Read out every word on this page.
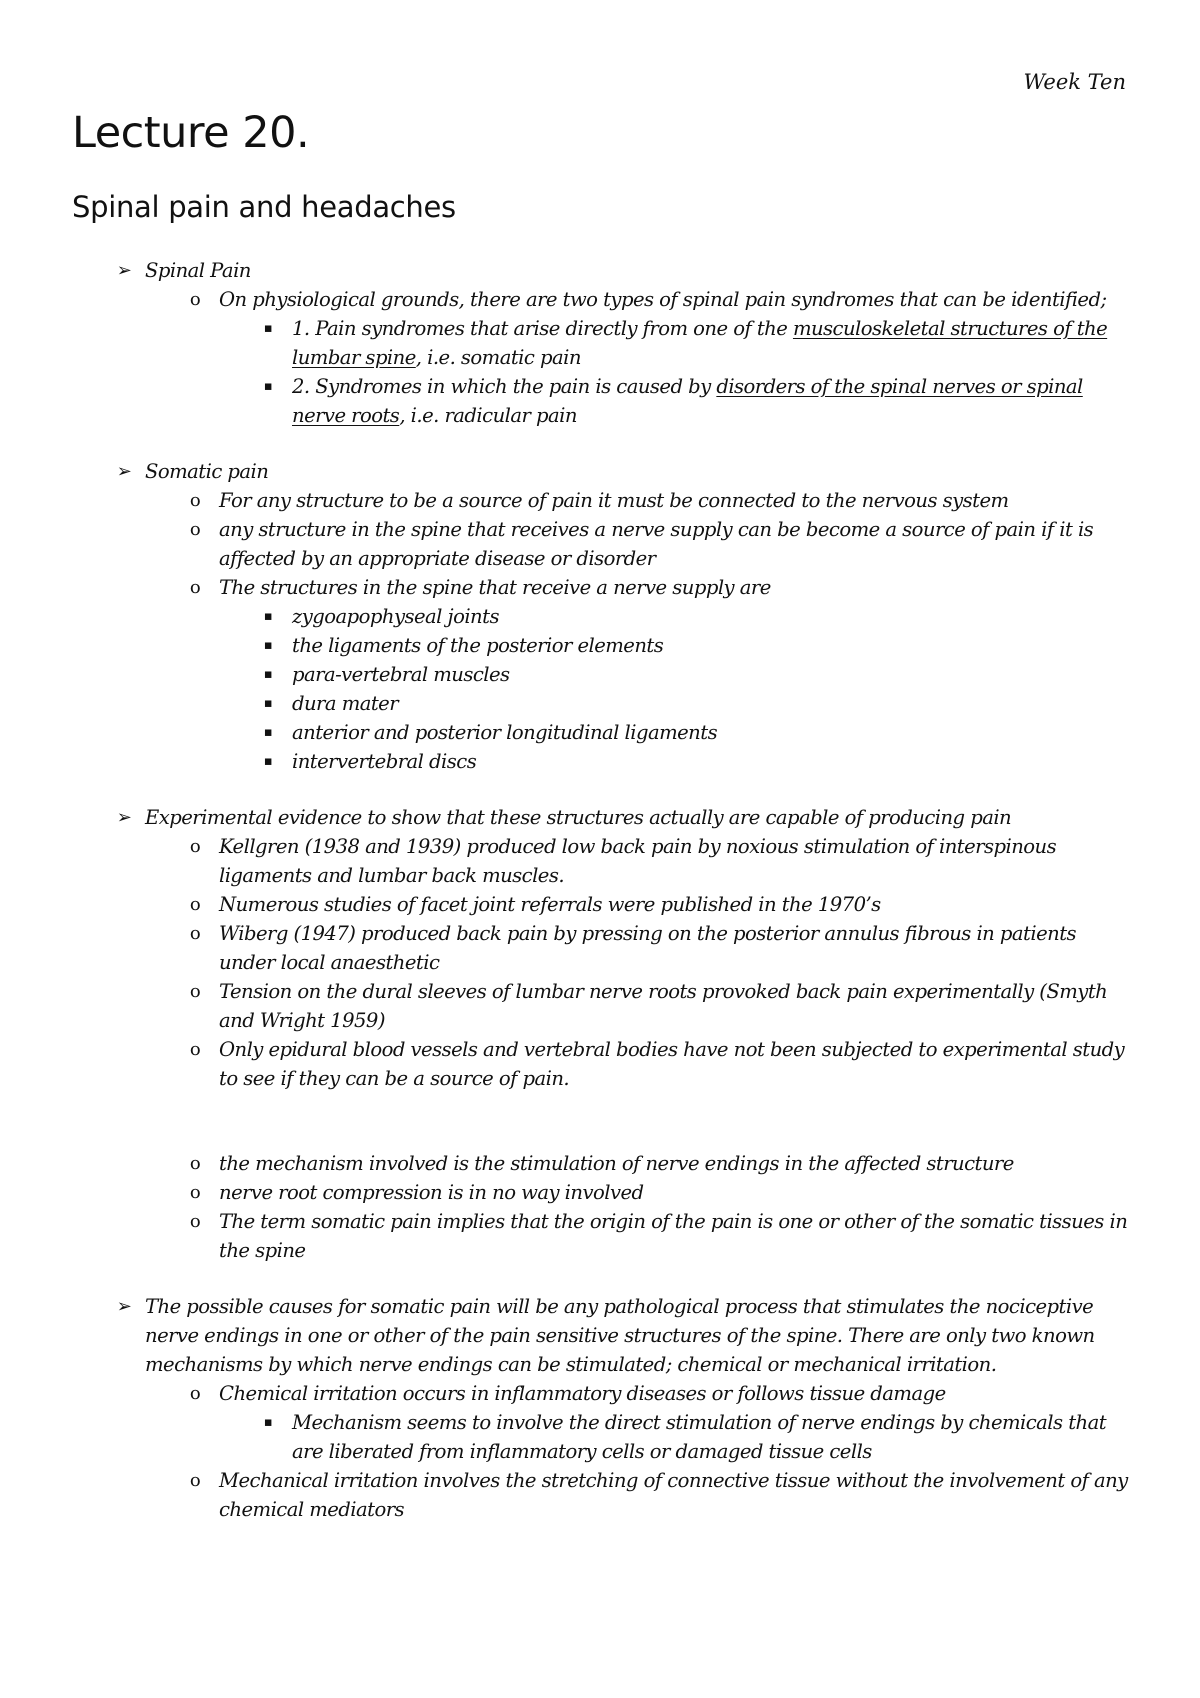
Week Ten
Lecture 20.
Spinal pain and headaches
➢ Spinal Pain
o On physiological grounds, there are two types of spinal pain syndromes that can be identified;
▪ 1. Pain syndromes that arise directly from one of the musculoskeletal structures of the lumbar spine, i.e. somatic pain
▪ 2. Syndromes in which the pain is caused by disorders of the spinal nerves or spinal nerve roots, i.e. radicular pain
➢ Somatic pain
o For any structure to be a source of pain it must be connected to the nervous system
o any structure in the spine that receives a nerve supply can be become a source of pain if it is affected by an appropriate disease or disorder
o The structures in the spine that receive a nerve supply are
▪ zygoapophyseal joints
▪ the ligaments of the posterior elements
▪ para-vertebral muscles
▪ dura mater
▪ anterior and posterior longitudinal ligaments
▪ intervertebral discs
➢ Experimental evidence to show that these structures actually are capable of producing pain
o Kellgren (1938 and 1939) produced low back pain by noxious stimulation of interspinous ligaments and lumbar back muscles.
o Numerous studies of facet joint referrals were published in the 1970’s
o Wiberg (1947) produced back pain by pressing on the posterior annulus fibrous in patients under local anaesthetic
o Tension on the dural sleeves of lumbar nerve roots provoked back pain experimentally (Smyth and Wright 1959)
o Only epidural blood vessels and vertebral bodies have not been subjected to experimental study to see if they can be a source of pain.
o the mechanism involved is the stimulation of nerve endings in the affected structure
o nerve root compression is in no way involved
o The term somatic pain implies that the origin of the pain is one or other of the somatic tissues in the spine
➢ The possible causes for somatic pain will be any pathological process that stimulates the nociceptive nerve endings in one or other of the pain sensitive structures of the spine. There are only two known mechanisms by which nerve endings can be stimulated; chemical or mechanical irritation.
o Chemical irritation occurs in inflammatory diseases or follows tissue damage
▪ Mechanism seems to involve the direct stimulation of nerve endings by chemicals that are liberated from inflammatory cells or damaged tissue cells
o Mechanical irritation involves the stretching of connective tissue without the involvement of any chemical mediators
